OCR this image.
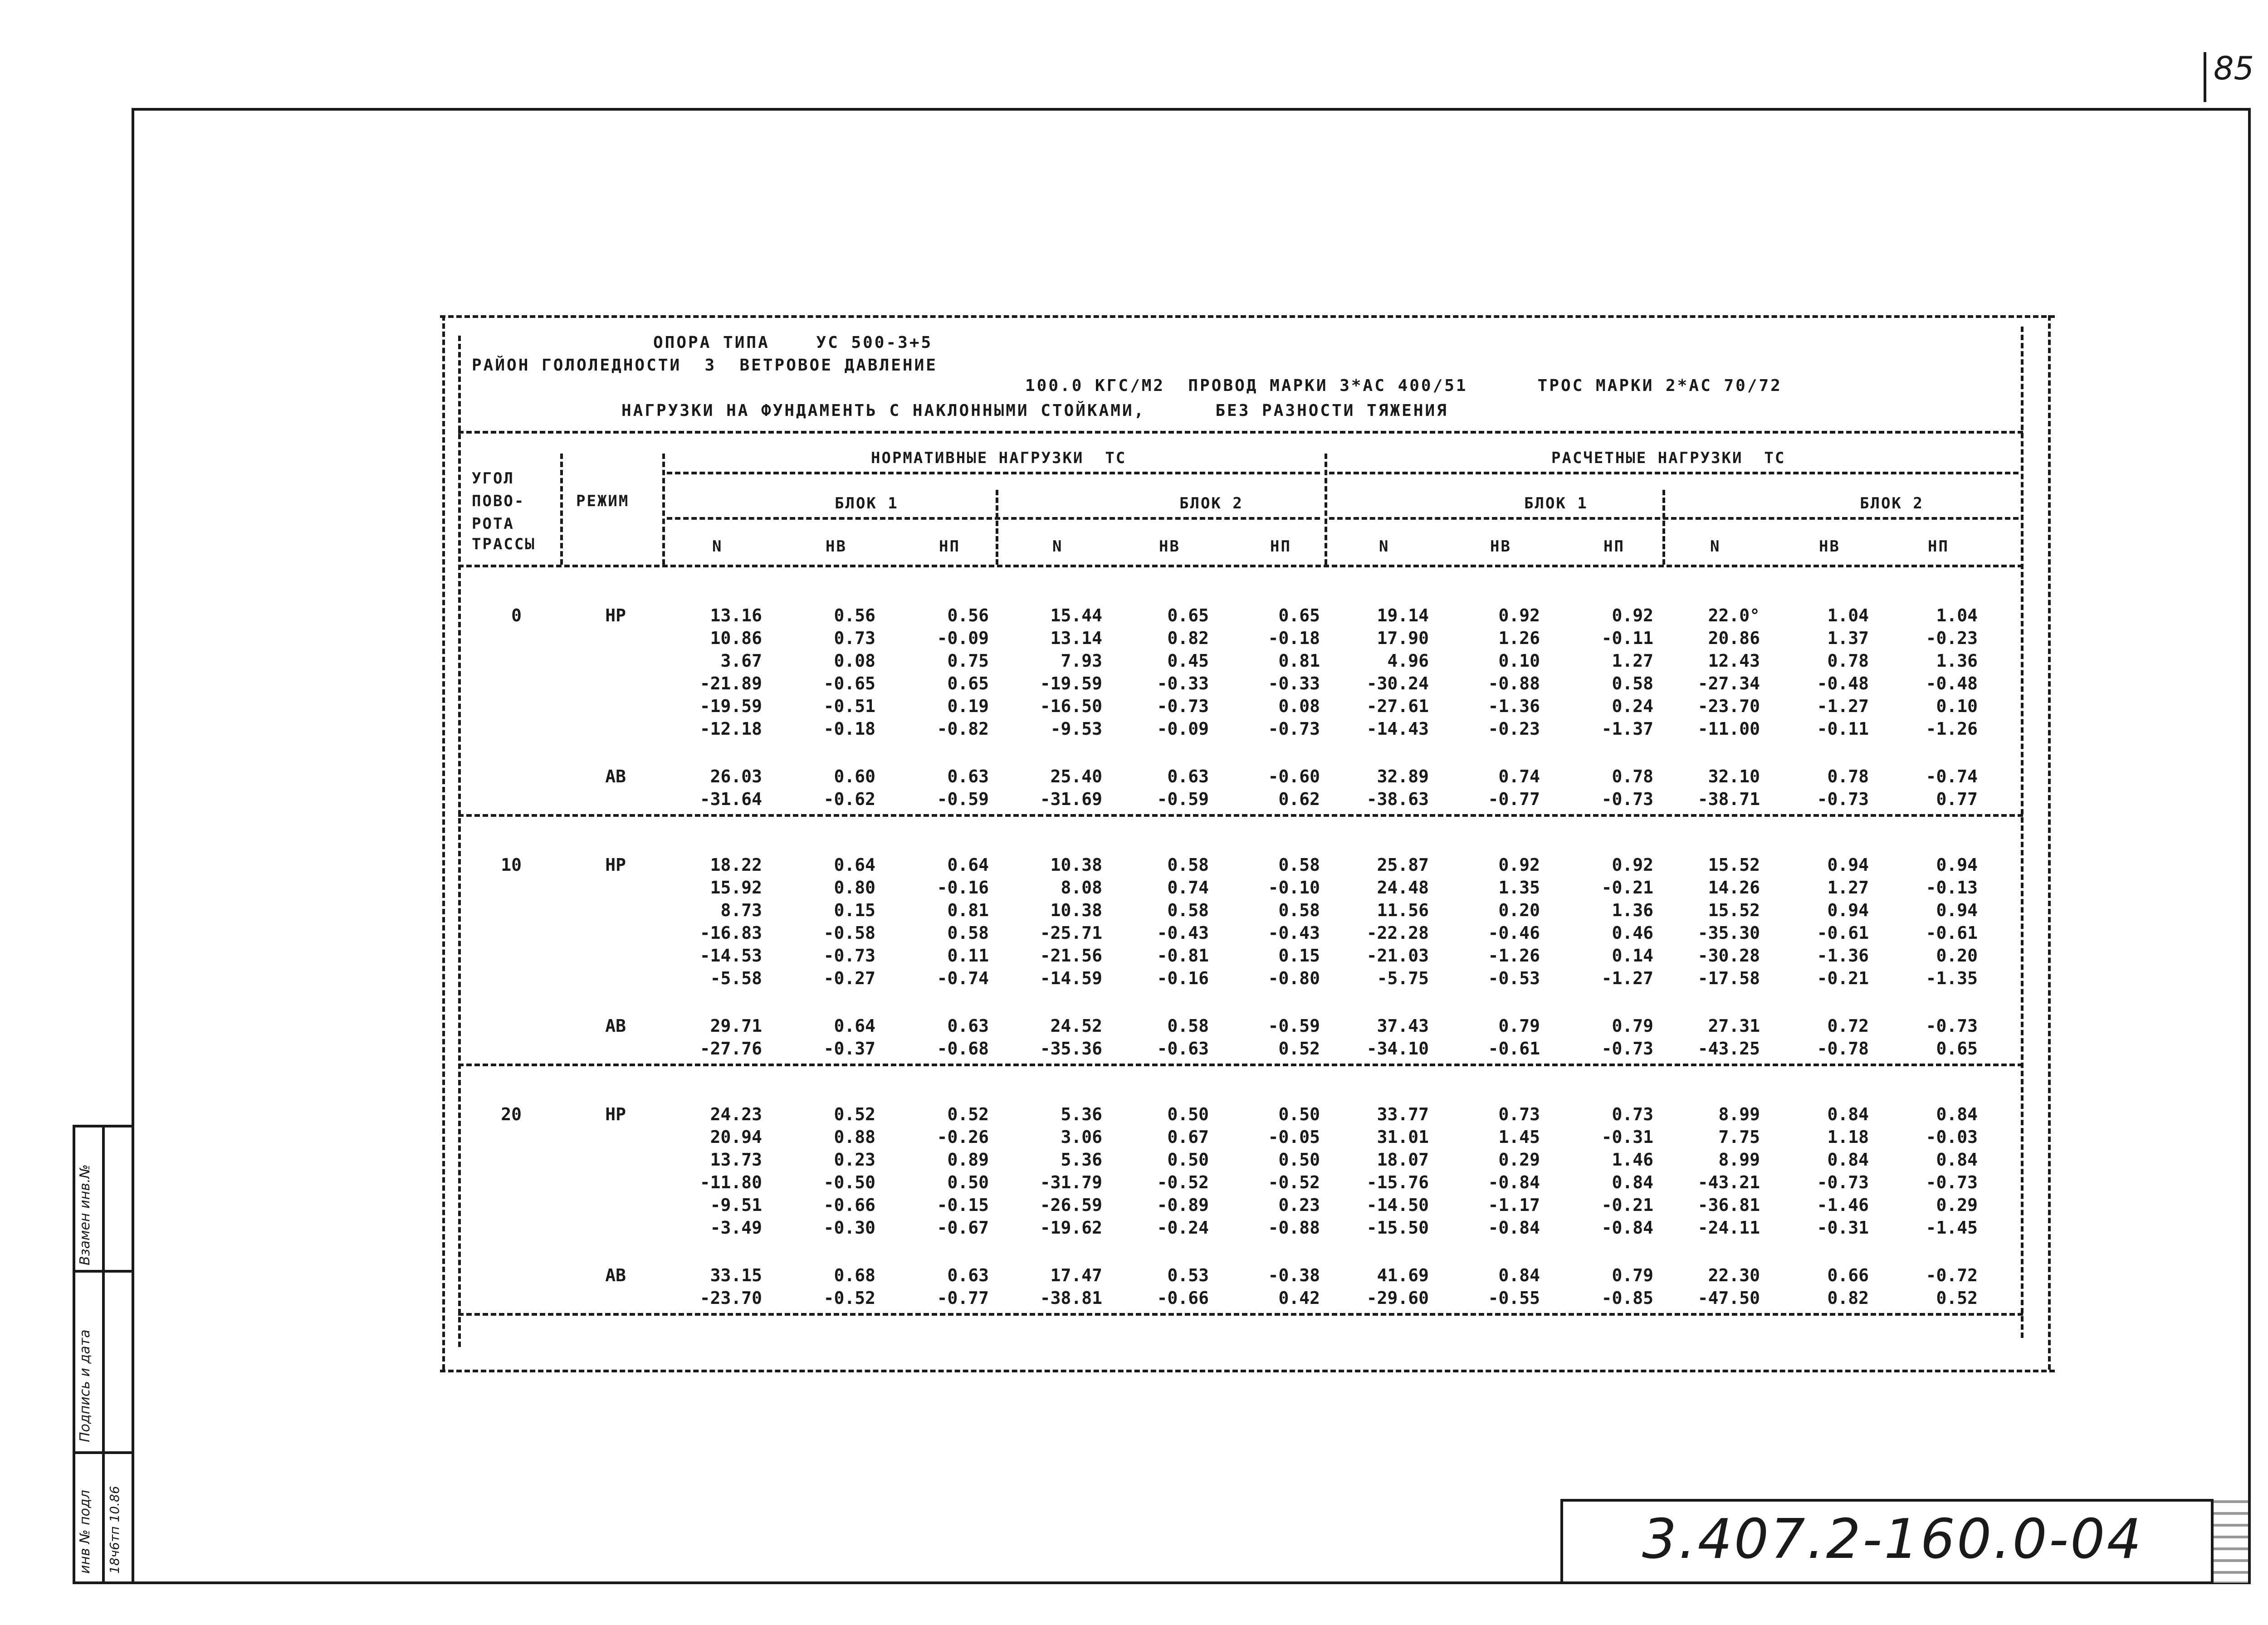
85
Взамен инв.№
Подпись и дата
инв № подл 18ч6тп 10.86	3.407.2-160.0-04
ОПОРА ТИПА    УС 500-3+5
РАЙОН ГОЛОЛЕДНОСТИ  3  ВЕТРОВОЕ ДАВЛЕНИЕ
100.0 КГС/М2  ПРОВОД МАРКИ 3*АС 400/51      ТРОС МАРКИ 2*АС 70/72
НАГРУЗКИ НА ФУНДАМЕНТЬ С НАКЛОННЫМИ СТОЙКАМИ,      БЕЗ РАЗНОСТИ ТЯЖЕНИЯ
УГОЛ
ПОВО-
РОТА
ТРАССЫ
РЕЖИМ
НОРМАТИВНЫЕ НАГРУЗКИ  ТС	РАСЧЕТНЫЕ НАГРУЗКИ  ТС
БЛОК 1	БЛОК 2	БЛОК 1	БЛОК 2
N	НВ	НП	N	НВ	НП	N	НВ	НП	N	НВ	НП
0	НР	13.16	0.56	0.56	15.44	0.65	0.65	19.14	0.92	0.92	22.0°	1.04	1.04
10.86	0.73	-0.09	13.14	0.82	-0.18	17.90	1.26	-0.11	20.86	1.37	-0.23
3.67	0.08	0.75	7.93	0.45	0.81	4.96	0.10	1.27	12.43	0.78	1.36
-21.89	-0.65	0.65	-19.59	-0.33	-0.33	-30.24	-0.88	0.58	-27.34	-0.48	-0.48
-19.59	-0.51	0.19	-16.50	-0.73	0.08	-27.61	-1.36	0.24	-23.70	-1.27	0.10
-12.18	-0.18	-0.82	-9.53	-0.09	-0.73	-14.43	-0.23	-1.37	-11.00	-0.11	-1.26
АВ	26.03	0.60	0.63	25.40	0.63	-0.60	32.89	0.74	0.78	32.10	0.78	-0.74
-31.64	-0.62	-0.59	-31.69	-0.59	0.62	-38.63	-0.77	-0.73	-38.71	-0.73	0.77
10	НР	18.22	0.64	0.64	10.38	0.58	0.58	25.87	0.92	0.92	15.52	0.94	0.94
15.92	0.80	-0.16	8.08	0.74	-0.10	24.48	1.35	-0.21	14.26	1.27	-0.13
8.73	0.15	0.81	10.38	0.58	0.58	11.56	0.20	1.36	15.52	0.94	0.94
-16.83	-0.58	0.58	-25.71	-0.43	-0.43	-22.28	-0.46	0.46	-35.30	-0.61	-0.61
-14.53	-0.73	0.11	-21.56	-0.81	0.15	-21.03	-1.26	0.14	-30.28	-1.36	0.20
-5.58	-0.27	-0.74	-14.59	-0.16	-0.80	-5.75	-0.53	-1.27	-17.58	-0.21	-1.35
АВ	29.71	0.64	0.63	24.52	0.58	-0.59	37.43	0.79	0.79	27.31	0.72	-0.73
-27.76	-0.37	-0.68	-35.36	-0.63	0.52	-34.10	-0.61	-0.73	-43.25	-0.78	0.65
20	НР	24.23	0.52	0.52	5.36	0.50	0.50	33.77	0.73	0.73	8.99	0.84	0.84
20.94	0.88	-0.26	3.06	0.67	-0.05	31.01	1.45	-0.31	7.75	1.18	-0.03
13.73	0.23	0.89	5.36	0.50	0.50	18.07	0.29	1.46	8.99	0.84	0.84
-11.80	-0.50	0.50	-31.79	-0.52	-0.52	-15.76	-0.84	0.84	-43.21	-0.73	-0.73
-9.51	-0.66	-0.15	-26.59	-0.89	0.23	-14.50	-1.17	-0.21	-36.81	-1.46	0.29
-3.49	-0.30	-0.67	-19.62	-0.24	-0.88	-15.50	-0.84	-0.84	-24.11	-0.31	-1.45
АВ	33.15	0.68	0.63	17.47	0.53	-0.38	41.69	0.84	0.79	22.30	0.66	-0.72
-23.70	-0.52	-0.77	-38.81	-0.66	0.42	-29.60	-0.55	-0.85	-47.50	0.82	0.52
